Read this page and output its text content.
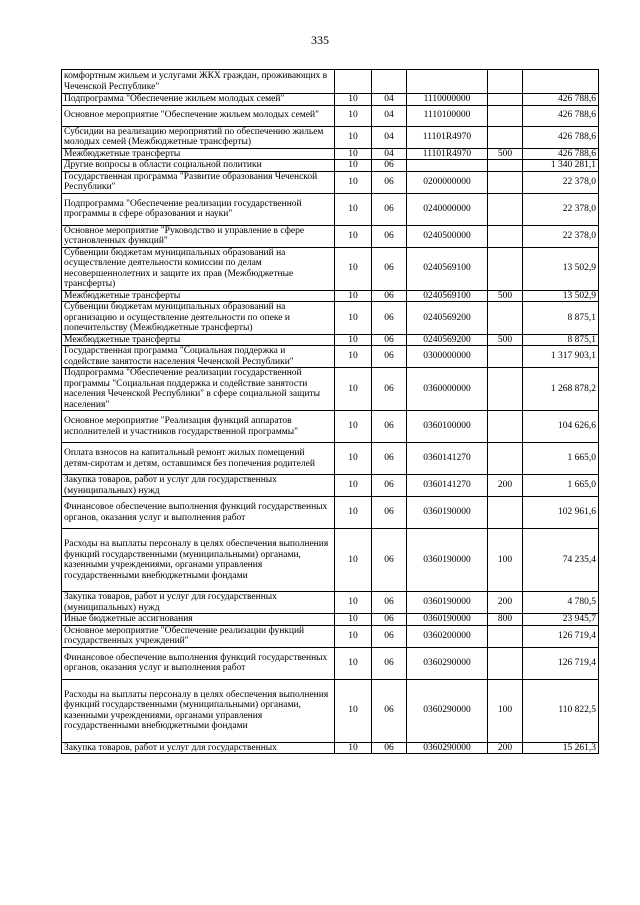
335
комфортным жильем и услугами ЖКХ граждан, проживающих в Чеченской Республике"					
Подпрограмма "Обеспечение жильем молодых семей"	10	04	1110000000		426 788,6
Основное мероприятие "Обеспечение жильем молодых семей"	10	04	1110100000		426 788,6
Субсидии на реализацию мероприятий по обеспечению жильем молодых семей (Межбюджетные трансферты)	10	04	11101R4970		426 788,6
Межбюджетные трансферты	10	04	11101R4970	500	426 788,6
Другие вопросы в области социальной политики	10	06			1 340 281,1
Государственная программа "Развитие образования Чеченской Республики"	10	06	0200000000		22 378,0
Подпрограмма "Обеспечение реализации государственной программы в сфере образования и науки"	10	06	0240000000		22 378,0
Основное мероприятие "Руководство и управление в сфере установленных функций"	10	06	0240500000		22 378,0
Субвенции бюджетам муниципальных образований на осуществление деятельности комиссии по делам несовершеннолетних и защите их прав (Межбюджетные трансферты)	10	06	0240569100		13 502,9
Межбюджетные трансферты	10	06	0240569100	500	13 502,9
Субвенции бюджетам муниципальных образований на организацию и осуществление деятельности по опеке и попечительству (Межбюджетные трансферты)	10	06	0240569200		8 875,1
Межбюджетные трансферты	10	06	0240569200	500	8 875,1
Государственная программа "Социальная поддержка и содействие занятости населения Чеченской Республики"	10	06	0300000000		1 317 903,1
Подпрограмма "Обеспечение реализации государственной программы "Социальная поддержка и содействие занятости населения Чеченской Республики" в сфере социальной защиты населения"	10	06	0360000000		1 268 878,2
Основное мероприятие "Реализация функций аппаратов исполнителей и участников государственной программы"	10	06	0360100000		104 626,6
Оплата взносов на капитальный ремонт жилых помещений детям-сиротам и детям, оставшимся без попечения родителей	10	06	0360141270		1 665,0
Закупка товаров, работ и услуг для государственных (муниципальных) нужд	10	06	0360141270	200	1 665,0
Финансовое обеспечение выполнения функций государственных органов, оказания услуг и выполнения работ	10	06	0360190000		102 961,6
Расходы на выплаты персоналу в целях обеспечения выполнения функций государственными (муниципальными) органами, казенными учреждениями, органами управления государственными внебюджетными фондами	10	06	0360190000	100	74 235,4
Закупка товаров, работ и услуг для государственных (муниципальных) нужд	10	06	0360190000	200	4 780,5
Иные бюджетные ассигнования	10	06	0360190000	800	23 945,7
Основное мероприятие "Обеспечение реализации функций государственных учреждений"	10	06	0360200000		126 719,4
Финансовое обеспечение выполнения функций государственных органов, оказания услуг и выполнения работ	10	06	0360290000		126 719,4
Расходы на выплаты персоналу в целях обеспечения выполнения функций государственными (муниципальными) органами, казенными учреждениями, органами управления государственными внебюджетными фондами	10	06	0360290000	100	110 822,5
Закупка товаров, работ и услуг для государственных	10	06	0360290000	200	15 261,3
